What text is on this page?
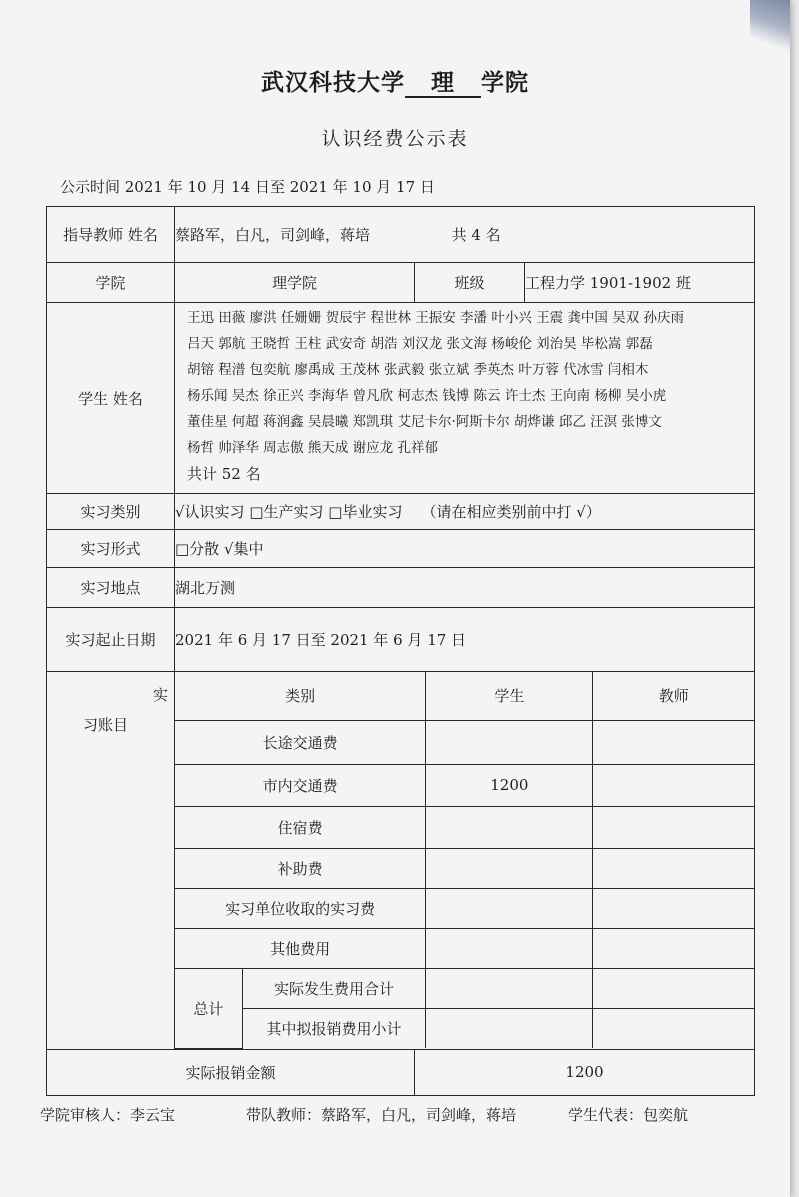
武汉科技大学 理 学院
认识经费公示表
公示时间 2021 年 10 月 14 日至 2021 年 10 月 17 日
指导教师 姓名	蔡路军，白凡，司剑峰，蒋培	共 4 名
学院	理学院	班级	工程力学 1901-1902 班
学生 姓名	
王迅 田薇 廖洪 任姗姗 贺辰宇 程世林 王振安 李潘 叶小兴 王震 龚中国 吴双 孙庆雨
吕天 郭航 王晓哲 王柱 武安奇 胡浩 刘汉龙 张文海 杨峻伦 刘治昊 毕松嵩 郭磊
胡镕 程潽 包奕航 廖禹成 王茂林 张武毅 张立斌 季英杰 叶万蓉 代冰雪 闫相木
杨乐闻 吴杰 徐正兴 李海华 曾凡欣 柯志杰 钱博 陈云 许士杰 王向南 杨柳 吴小虎
董佳星 何超 蒋润鑫 吴晨曦 郑凯琪 艾尼卡尔·阿斯卡尔 胡烨谦 邱乙 汪溟 张博文
杨哲 帅泽华 周志傲 熊天成 谢应龙 孔祥郁
共计 52 名

实习类别	√认识实习 □生产实习 □毕业实习    （请在相应类别前中打 √）
实习形式	□分散 √集中
实习地点	湖北万测
实习起止日期	2021 年 6 月 17 日至 2021 年 6 月 17 日

实
习账目

类别	学生	教师
长途交通费		
市内交通费	1200	
住宿费		
补助费		
实习单位收取的实习费		
其他费用		
总计	实际发生费用合计		
其中拟报销费用小计		

实际报销金额	1200
学院审核人：李云宝	带队教师：蔡路军，白凡，司剑峰，蒋培	学生代表：包奕航
